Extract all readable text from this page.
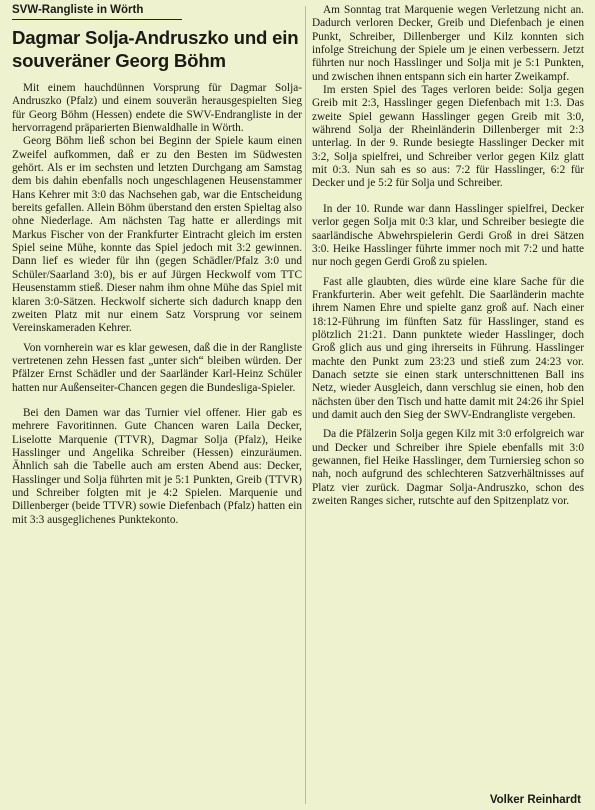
SVW-Rangliste in Wörth
Dagmar Solja-Andruszko und ein souveräner Georg Böhm

Mit einem hauchdünnen Vorsprung für Dagmar Solja-Andruszko (Pfalz) und einem souverän herausgespielten Sieg für Georg Böhm (Hessen) endete die SWV-Endrangliste in der hervorragend präparierten Bienwaldhalle in Wörth.

Georg Böhm ließ schon bei Beginn der Spiele kaum einen Zweifel aufkommen, daß er zu den Besten im Südwesten gehört. Als er im sechsten und letzten Durchgang am Samstag dem bis dahin ebenfalls noch ungeschlagenen Heusenstammer Hans Kehrer mit 3:0 das Nachsehen gab, war die Entscheidung bereits gefallen. Allein Böhm überstand den ersten Spieltag also ohne Niederlage. Am nächsten Tag hatte er allerdings mit Markus Fischer von der Frankfurter Eintracht gleich im ersten Spiel seine Mühe, konnte das Spiel jedoch mit 3:2 gewinnen. Dann lief es wieder für ihn (gegen Schädler/Pfalz 3:0 und Schüler/Saarland 3:0), bis er auf Jürgen Heckwolf vom TTC Heusenstamm stieß. Dieser nahm ihm ohne Mühe das Spiel mit klaren 3:0-Sätzen. Heckwolf sicherte sich dadurch knapp den zweiten Platz mit nur einem Satz Vorsprung vor seinem Vereinskameraden Kehrer.

Von vornherein war es klar gewesen, daß die in der Rangliste vertretenen zehn Hessen fast „unter sich“ bleiben würden. Der Pfälzer Ernst Schädler und der Saarländer Karl-Heinz Schüler hatten nur Außenseiter-Chancen gegen die Bundesliga-Spieler.

Bei den Damen war das Turnier viel offener. Hier gab es mehrere Favoritinnen. Gute Chancen waren Laila Decker, Liselotte Marquenie (TTVR), Dagmar Solja (Pfalz), Heike Hasslinger und Angelika Schreiber (Hessen) einzuräumen. Ähnlich sah die Tabelle auch am ersten Abend aus: Decker, Hasslinger und Solja führten mit je 5:1 Punkten, Greib (TTVR) und Schreiber folgten mit je 4:2 Spielen. Marquenie und Dillenberger (beide TTVR) sowie Diefenbach (Pfalz) hatten ein mit 3:3 ausgeglichenes Punktekonto.

Am Sonntag trat Marquenie wegen Verletzung nicht an. Dadurch verloren Decker, Greib und Diefenbach je einen Punkt, Schreiber, Dillenberger und Kilz konnten sich infolge Streichung der Spiele um je einen verbessern. Jetzt führten nur noch Hasslinger und Solja mit je 5:1 Punkten, und zwischen ihnen entspann sich ein harter Zweikampf.

Im ersten Spiel des Tages verloren beide: Solja gegen Greib mit 2:3, Hasslinger gegen Diefenbach mit 1:3. Das zweite Spiel gewann Hasslinger gegen Greib mit 3:0, während Solja der Rheinländerin Dillenberger mit 2:3 unterlag. In der 9. Runde besiegte Hasslinger Decker mit 3:2, Solja spielfrei, und Schreiber verlor gegen Kilz glatt mit 0:3. Nun sah es so aus: 7:2 für Hasslinger, 6:2 für Decker und je 5:2 für Solja und Schreiber.

In der 10. Runde war dann Hasslinger spielfrei, Decker verlor gegen Solja mit 0:3 klar, und Schreiber besiegte die saarländische Abwehrspielerin Gerdi Groß in drei Sätzen 3:0. Heike Hasslinger führte immer noch mit 7:2 und hatte nur noch gegen Gerdi Groß zu spielen.

Fast alle glaubten, dies würde eine klare Sache für die Frankfurterin. Aber weit gefehlt. Die Saarländerin machte ihrem Namen Ehre und spielte ganz groß auf. Nach einer 18:12-Führung im fünften Satz für Hasslinger, stand es plötzlich 21:21. Dann punktete wieder Hasslinger, doch Groß glich aus und ging ihrerseits in Führung. Hasslinger machte den Punkt zum 23:23 und stieß zum 24:23 vor. Danach setzte sie einen stark unterschnittenen Ball ins Netz, wieder Ausgleich, dann verschlug sie einen, hob den nächsten über den Tisch und hatte damit mit 24:26 ihr Spiel und damit auch den Sieg der SWV-Endrangliste vergeben.

Da die Pfälzerin Solja gegen Kilz mit 3:0 erfolgreich war und Decker und Schreiber ihre Spiele ebenfalls mit 3:0 gewannen, fiel Heike Hasslinger, dem Turniersieg schon so nah, noch aufgrund des schlechteren Satzverhältnisses auf Platz vier zurück. Dagmar Solja-Andruszko, schon des zweiten Ranges sicher, rutschte auf den Spitzenplatz vor.

Volker Reinhardt
